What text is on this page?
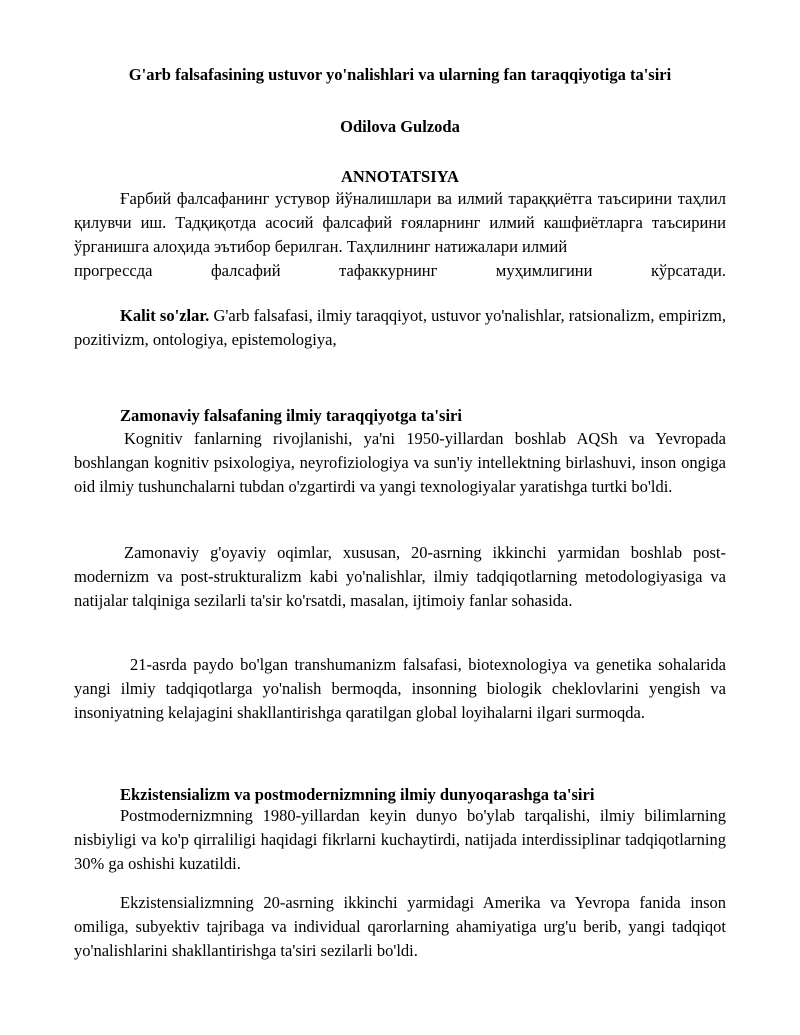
G'arb falsafasining ustuvor yo'nalishlari va ularning fan taraqqiyotiga ta'siri
Odilova Gulzoda
ANNOTATSIYA

Ғарбий фалсафанинг устувор йўналишлари ва илмий тараққиётга таъсирини таҳлил қилувчи иш. Тадқиқотда асосий фалсафий ғояларнинг илмий кашфиётларга таъсирини ўрганишга алоҳида эътибор берилган. Таҳлилнинг натижалари илмий

прогрессда фалсафий тафаккурнинг муҳимлигини кўрсатади.

Kalit so'zlar. G'arb falsafasi, ilmiy taraqqiyot, ustuvor yo'nalishlar, ratsionalizm, empirizm, pozitivizm, ontologiya, epistemologiya,

Zamonaviy falsafaning ilmiy taraqqiyotga ta'siri

Kognitiv fanlarning rivojlanishi, ya'ni 1950-yillardan boshlab AQSh va Yevropada boshlangan kognitiv psixologiya, neyrofiziologiya va sun'iy intellektning birlashuvi, inson ongiga oid ilmiy tushunchalarni tubdan o'zgartirdi va yangi texnologiyalar yaratishga turtki bo'ldi.

Zamonaviy g'oyaviy oqimlar, xususan, 20-asrning ikkinchi yarmidan boshlab post-modernizm va post-strukturalizm kabi yo'nalishlar, ilmiy tadqiqotlarning metodologiyasiga va natijalar talqiniga sezilarli ta'sir ko'rsatdi, masalan, ijtimoiy fanlar sohasida.

21-asrda paydo bo'lgan transhumanizm falsafasi, biotexnologiya va genetika sohalarida yangi ilmiy tadqiqotlarga yo'nalish bermoqda, insonning biologik cheklovlarini yengish va insoniyatning kelajagini shakllantirishga qaratilgan global loyihalarni ilgari surmoqda.

Ekzistensializm va postmodernizmning ilmiy dunyoqarashga ta'siri

Postmodernizmning 1980-yillardan keyin dunyo bo'ylab tarqalishi, ilmiy bilimlarning nisbiyligi va ko'p qirraliligi haqidagi fikrlarni kuchaytirdi, natijada interdissiplinar tadqiqotlarning 30% ga oshishi kuzatildi.

Ekzistensializmning 20-asrning ikkinchi yarmidagi Amerika va Yevropa fanida inson omiliga, subyektiv tajribaga va individual qarorlarning ahamiyatiga urg'u berib, yangi tadqiqot yo'nalishlarini shakllantirishga ta'siri sezilarli bo'ldi.
